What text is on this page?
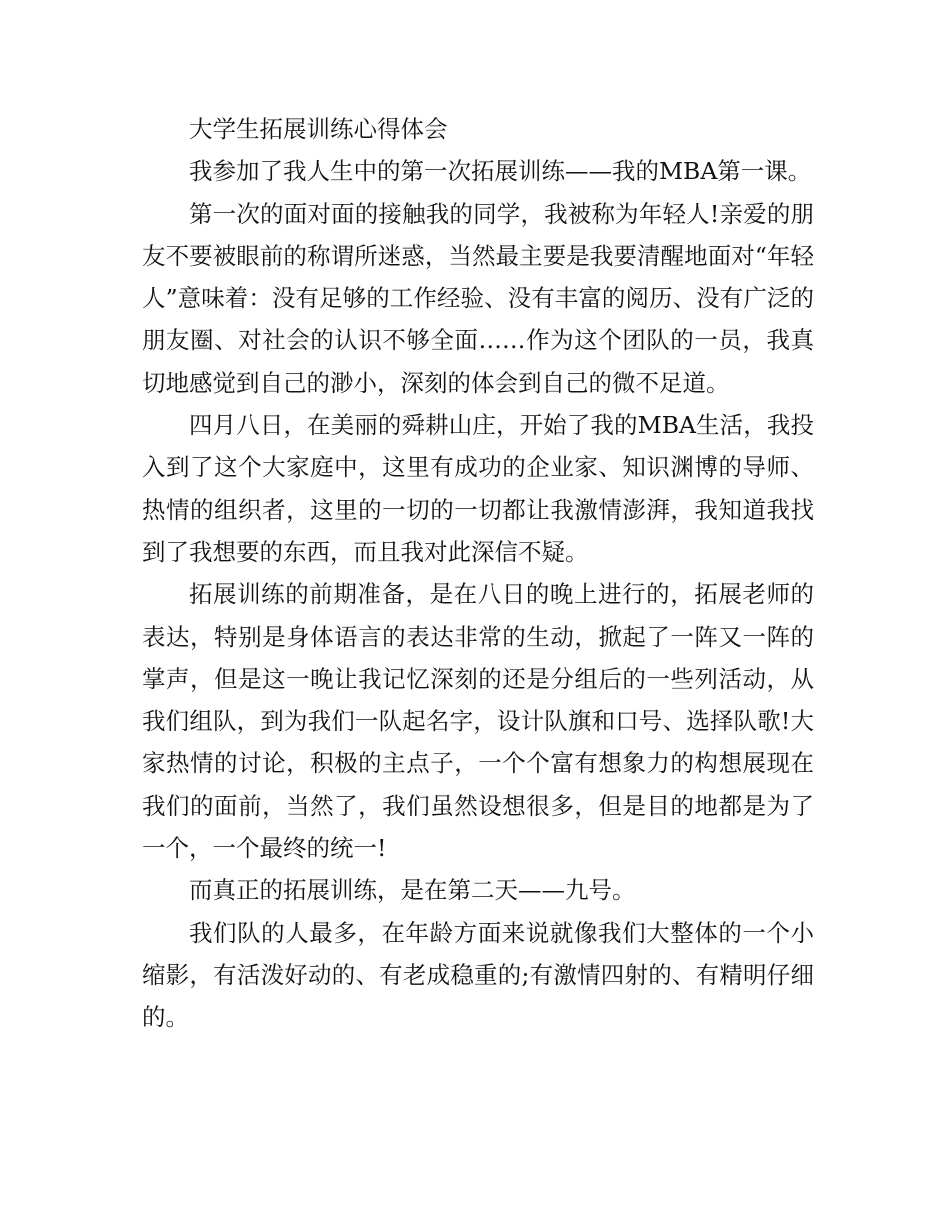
大学生拓展训练心得体会

我参加了我人生中的第一次拓展训练——我的MBA第一课。

第一次的面对面的接触我的同学，我被称为年轻人!亲爱的朋友不要被眼前的称谓所迷惑，当然最主要是我要清醒地面对“年轻人”意味着：没有足够的工作经验、没有丰富的阅历、没有广泛的朋友圈、对社会的认识不够全面……作为这个团队的一员，我真切地感觉到自己的渺小，深刻的体会到自己的微不足道。

四月八日，在美丽的舜耕山庄，开始了我的MBA生活，我投入到了这个大家庭中，这里有成功的企业家、知识渊博的导师、热情的组织者，这里的一切的一切都让我激情澎湃，我知道我找到了我想要的东西，而且我对此深信不疑。

拓展训练的前期准备，是在八日的晚上进行的，拓展老师的表达，特别是身体语言的表达非常的生动，掀起了一阵又一阵的掌声，但是这一晚让我记忆深刻的还是分组后的一些列活动，从我们组队，到为我们一队起名字，设计队旗和口号、选择队歌!大家热情的讨论，积极的主点子，一个个富有想象力的构想展现在我们的面前，当然了，我们虽然设想很多，但是目的地都是为了一个，一个最终的统一!

而真正的拓展训练，是在第二天——九号。

我们队的人最多，在年龄方面来说就像我们大整体的一个小缩影，有活泼好动的、有老成稳重的;有激情四射的、有精明仔细的。
